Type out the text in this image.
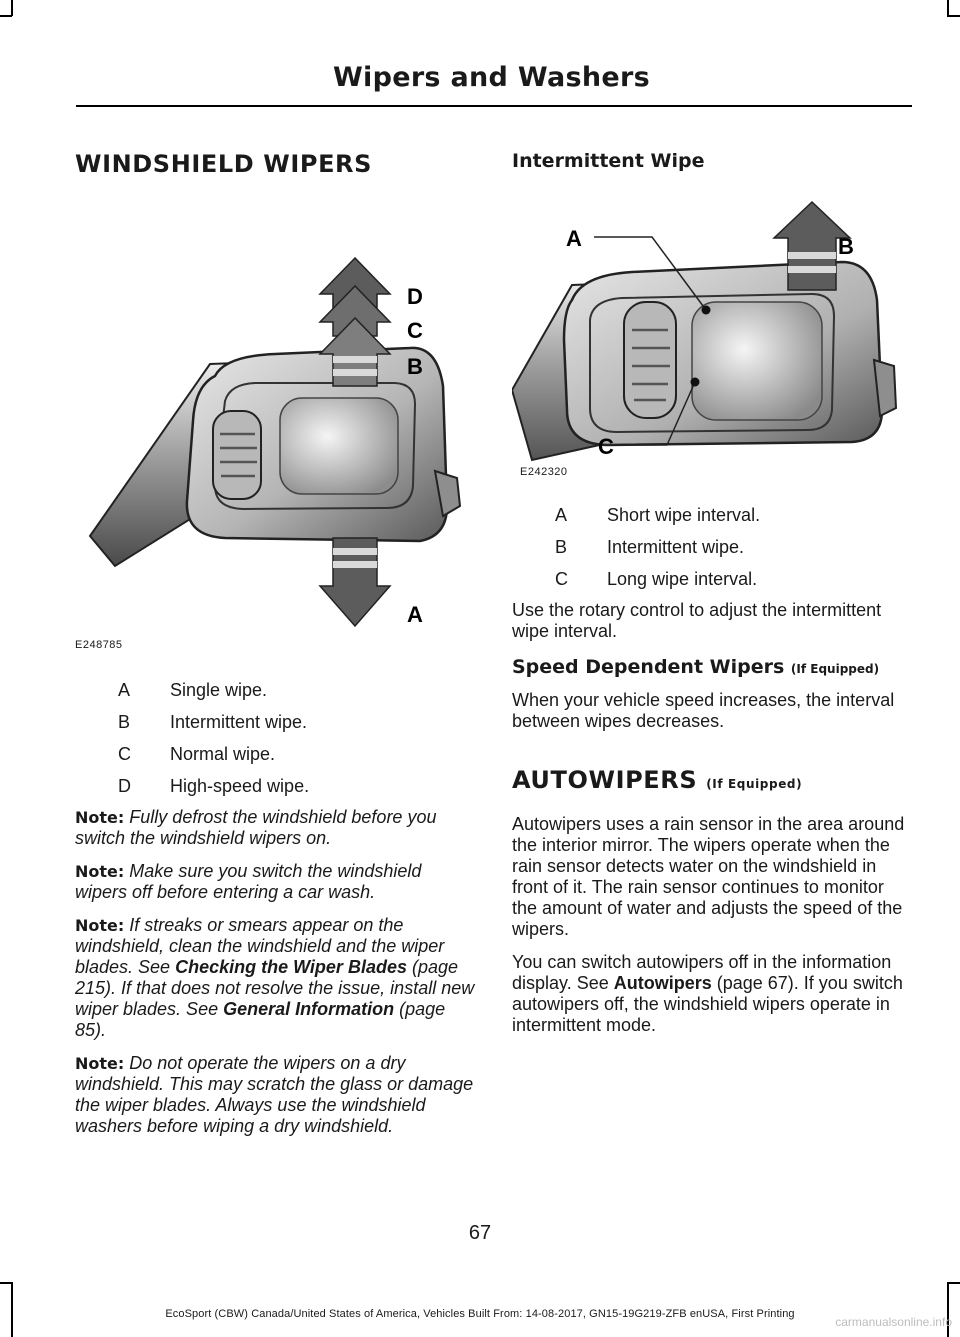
Wipers and Washers
WINDSHIELD WIPERS
D
C
B
A
E248785
A	Single wipe.
B	Intermittent wipe.
C	Normal wipe.
D	High-speed wipe.

Note: Fully defrost the windshield before you switch the windshield wipers on.

Note: Make sure you switch the windshield wipers off before entering a car wash.

Note: If streaks or smears appear on the windshield, clean the windshield and the wiper blades. See Checking the Wiper Blades (page 215). If that does not resolve the issue, install new wiper blades. See General Information (page 85).

Note: Do not operate the wipers on a dry windshield. This may scratch the glass or damage the wiper blades. Always use the windshield washers before wiping a dry windshield.

Intermittent Wipe
A	B
C
E242320
A	Short wipe interval.
B	Intermittent wipe.
C	Long wipe interval.

Use the rotary control to adjust the intermittent wipe interval.

Speed Dependent Wipers (If Equipped)

When your vehicle speed increases, the interval between wipes decreases.

AUTOWIPERS (If Equipped)

Autowipers uses a rain sensor in the area around the interior mirror. The wipers operate when the rain sensor detects water on the windshield in front of it. The rain sensor continues to monitor the amount of water and adjusts the speed of the wipers.

You can switch autowipers off in the information display. See Autowipers (page 67). If you switch autowipers off, the windshield wipers operate in intermittent mode.

67
EcoSport (CBW) Canada/United States of America, Vehicles Built From: 14-08-2017, GN15-19G219-ZFB enUSA, First Printing
carmanualsonline.info
